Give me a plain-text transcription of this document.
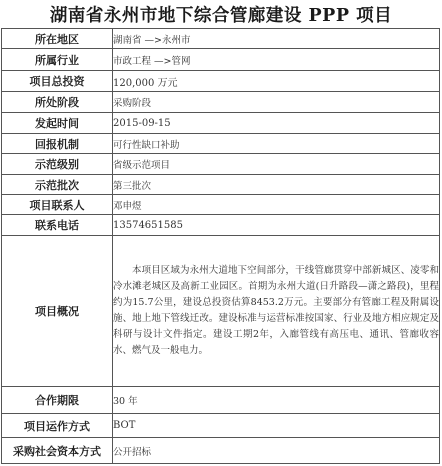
湖南省永州市地下综合管廊建设 PPP 项目
所在地区	湖南省 —>永州市
所属行业	市政工程 —>管网
项目总投资	120,000 万元
所处阶段	采购阶段
发起时间	2015-09-15
回报机制	可行性缺口补助
示范级别	省级示范项目
示范批次	第三批次
项目联系人	邓申煜
联系电话	13574651585
项目概况	本项目区域为永州大道地下空间部分，干线管廊贯穿中部新城区、凌零和冷水滩老城区及高新工业园区。首期为永州大道(日升路段—潇之路段)，里程约为15.7公里，建设总投资估算8453.2万元。主要部分有管廊工程及附属设施、地上地下管线迁改。建设标准与运营标准按国家、行业及地方相应规定及科研与设计文件指定。建设工期2年，入廊管线有高压电、通讯、管廊收容水、燃气及一般电力。
合作期限	30 年
项目运作方式	BOT
采购社会资本方式	公开招标
